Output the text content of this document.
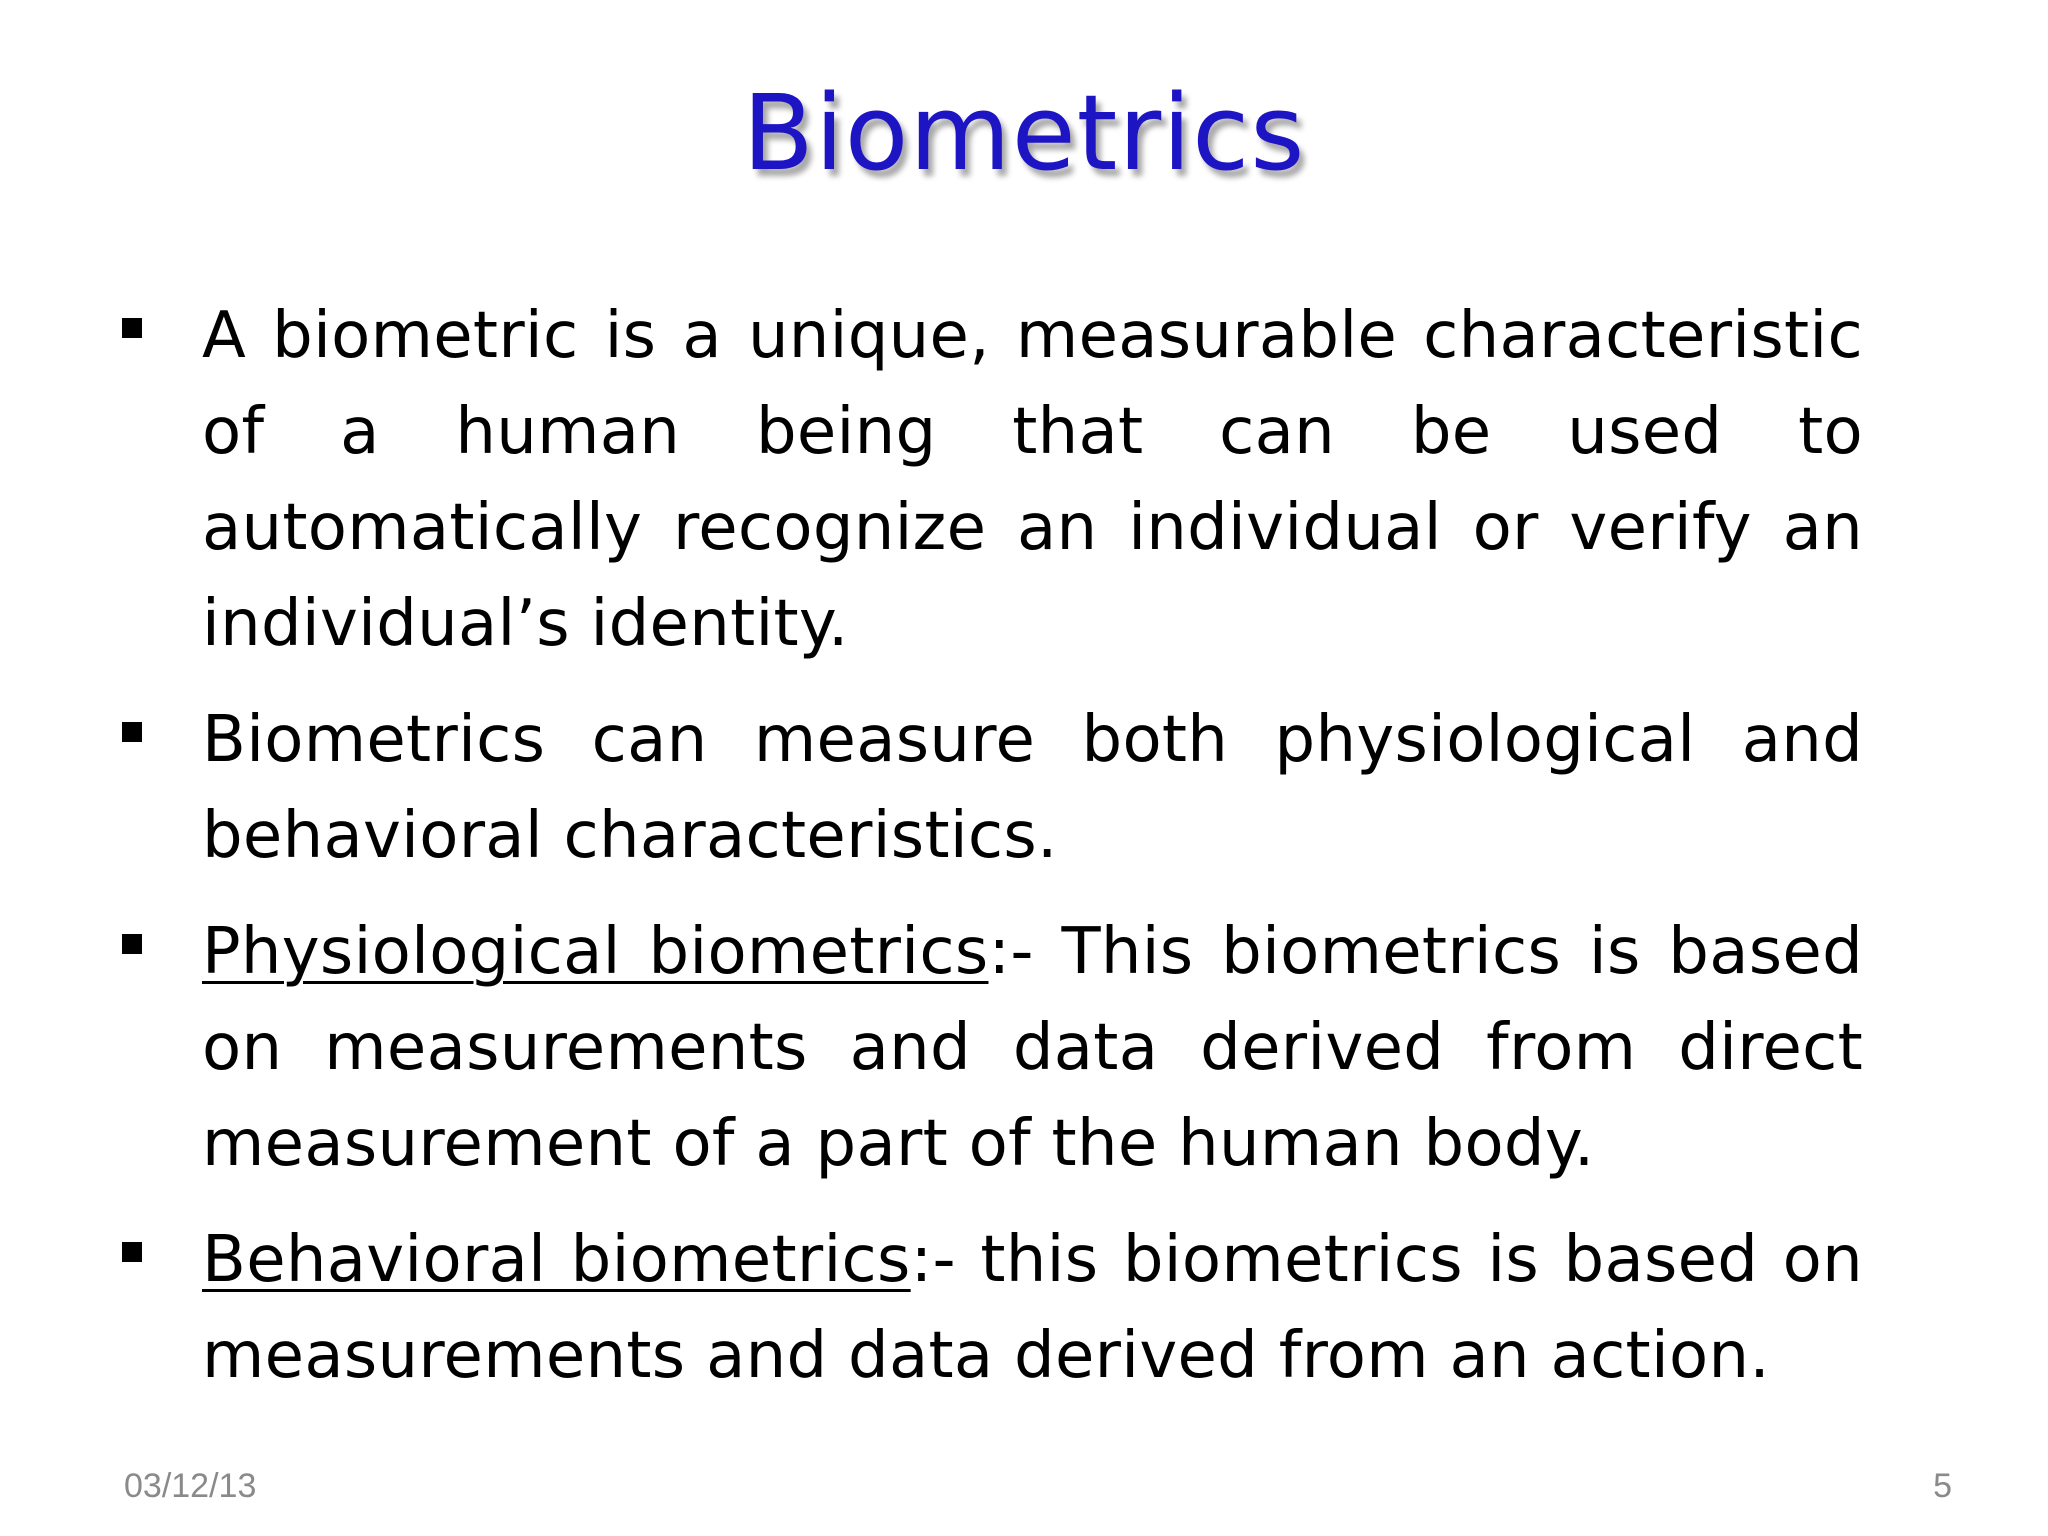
Biometrics
A biometric is a unique, measurable characteristic of a human being that can be used to automatically recognize an individual or verify an individual’s identity.
Biometrics can measure both physiological and behavioral characteristics.
Physiological biometrics:- This biometrics is based on measurements and data derived from direct measurement of a part of the human body.
Behavioral biometrics:- this biometrics is based on measurements and data derived from an action.
03/12/13	5
